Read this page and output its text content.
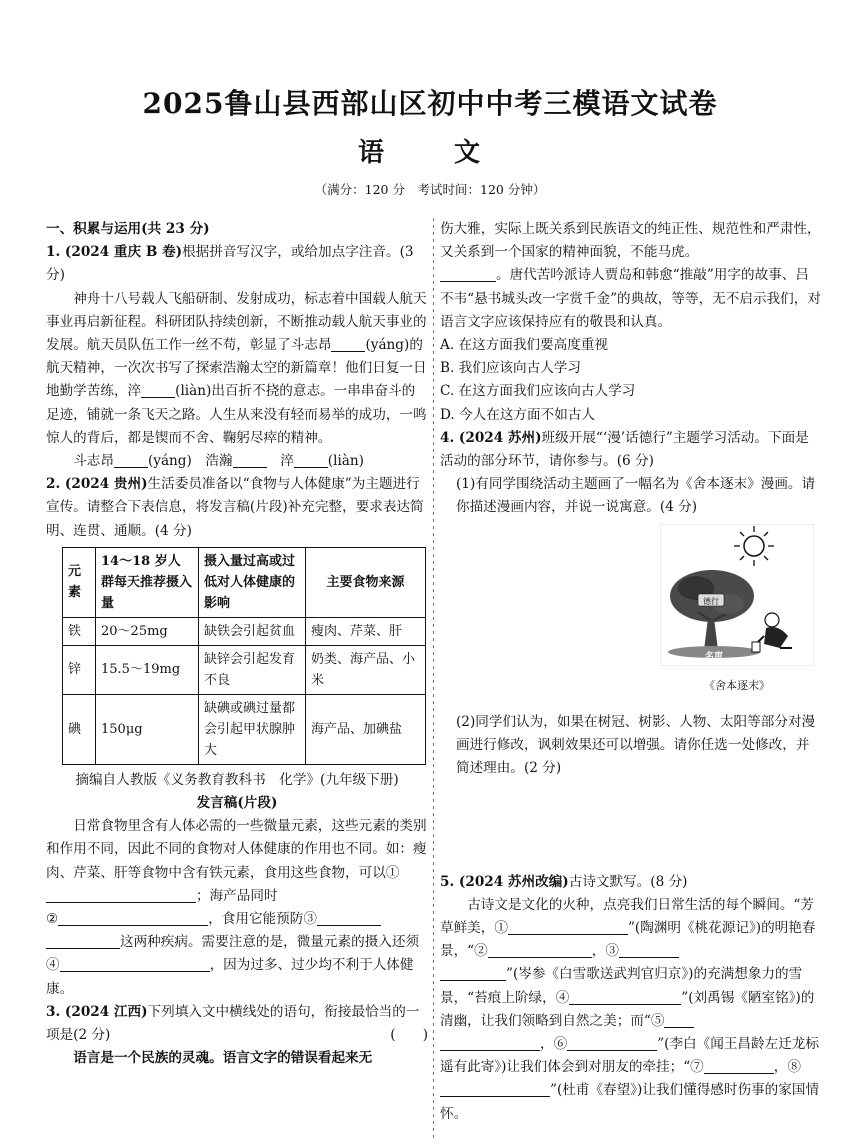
2025鲁山县西部山区初中中考三模语文试卷
语　文
（满分：120 分　考试时间：120 分钟）

一、积累与运用(共 23 分)

1. (2024 重庆 B 卷)根据拼音写汉字，或给加点字注音。(3 分)

神舟十八号载人飞船研制、发射成功，标志着中国载人航天事业再启新征程。科研团队持续创新，不断推动载人航天事业的发展。航天员队伍工作一丝不苟，彰显了斗志昂	(yáng)的航天精神，一次次书写了探索浩瀚太空的新篇章！他们日复一日地勤学苦练，淬	(liàn)出百折不挠的意志。一串串奋斗的足迹，铺就一条飞天之路。人生从来没有轻而易举的成功，一鸣惊人的背后，都是锲而不舍、鞠躬尽瘁的精神。

斗志昂	(yáng)　浩瀚　	淬	(liàn)

2. (2024 贵州)生活委员准备以“食物与人体健康”为主题进行宣传。请整合下表信息，将发言稿(片段)补充完整，要求表达简明、连贯、通顺。(4 分)

元素	14～18 岁人群每天推荐摄入量	摄入量过高或过低对人体健康的影响	主要食物来源
铁	20～25mg	缺铁会引起贫血	瘦肉、芹菜、肝
锌	15.5～19mg	缺锌会引起发育不良	奶类、海产品、小米
碘	150μg	缺碘或碘过量都会引起甲状腺肿大	海产品、加碘盐

摘编自人教版《义务教育教科书　化学》(九年级下册)

发言稿(片段)

日常食物里含有人体必需的一些微量元素，这些元素的类别和作用不同，因此不同的食物对人体健康的作用也不同。如：瘦肉、芹菜、肝等食物中含有铁元素，食用这些食物，可以①；海产品同时
②	，食用它能预防③
这两种疾病。需要注意的是，微量元素的摄入还须④	，因为过多、过少均不利于人体健康。

3. (2024 江西)下列填入文中横线处的语句，衔接最恰当的一项是(2 分)	(　　)

语言是一个民族的灵魂。语言文字的错误看起来无

伤大雅，实际上既关系到民族语文的纯正性、规范性和严肃性，又关系到一个国家的精神面貌，不能马虎。
。唐代苦吟派诗人贾岛和韩愈“推敲”用字的故事、吕不韦“悬书城头改一字赏千金”的典故，等等，无不启示我们，对语言文字应该保持应有的敬畏和认真。

A. 在这方面我们要高度重视

B. 我们应该向古人学习

C. 在这方面我们应该向古人学习

D. 今人在这方面不如古人

4. (2024 苏州)班级开展“‘漫’话德行”主题学习活动。下面是活动的部分环节，请你参与。(6 分)

(1)有同学围绕活动主题画了一幅名为《舍本逐末》漫画。请你描述漫画内容，并说一说寓意。(4 分)

德行
名声

《舍本逐末》

(2)同学们认为，如果在树冠、树影、人物、太阳等部分对漫画进行修改，讽刺效果还可以增强。请你任选一处修改，并简述理由。(2 分)

5. (2024 苏州改编)古诗文默写。(8 分)

古诗文是文化的火种，点亮我们日常生活的每个瞬间。“芳草鲜美，①	”(陶渊明《桃花源记》)的明艳春景，“②	，③
”(岑参《白雪歌送武判官归京》)的充满想象力的雪景，“苔痕上阶绿，④	”(刘禹锡《陋室铭》)的清幽，让我们领略到自然之美；而“⑤
，⑥	”(李白《闻王昌龄左迁龙标遥有此寄》)让我们体会到对朋友的牵挂；“⑦	，⑧”(杜甫《春望》)让我们懂得感时伤事的家国情怀。
